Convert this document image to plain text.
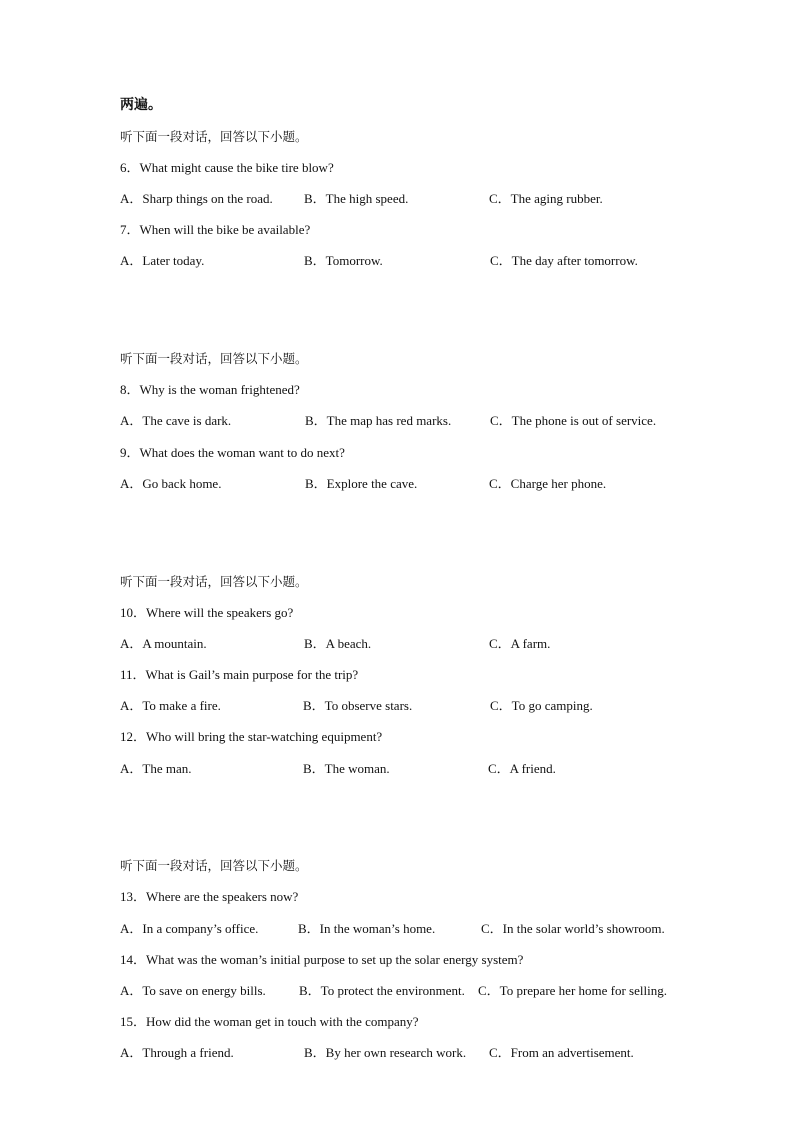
两遍。
听下面一段对话，回答以下小题。
6．What might cause the bike tire blow?
A．Sharp things on the road. B．The high speed.	C．The aging rubber.
7．When will the bike be available?
A．Later today.	B．Tomorrow.	C．The day after tomorrow.
听下面一段对话，回答以下小题。
8．Why is the woman frightened?
A．The cave is dark.	B．The map has red marks.	C．The phone is out of service.
9．What does the woman want to do next?
A．Go back home.	B．Explore the cave.	C．Charge her phone.
听下面一段对话，回答以下小题。
10．Where will the speakers go?
A．A mountain.	B．A beach.	C．A farm.
11．What is Gail’s main purpose for the trip?
A．To make a fire.	B．To observe stars.	C．To go camping.
12．Who will bring the star-watching equipment?
A．The man.	B．The woman.	C．A friend.
听下面一段对话，回答以下小题。
13．Where are the speakers now?
A．In a company’s office.	B．In the woman’s home.	C．In the solar world’s showroom.
14．What was the woman’s initial purpose to set up the solar energy system?
A．To save on energy bills.	B．To protect the environment. C．To prepare her home for selling.
15．How did the woman get in touch with the company?
A．Through a friend.	B．By her own research work. C．From an advertisement.
